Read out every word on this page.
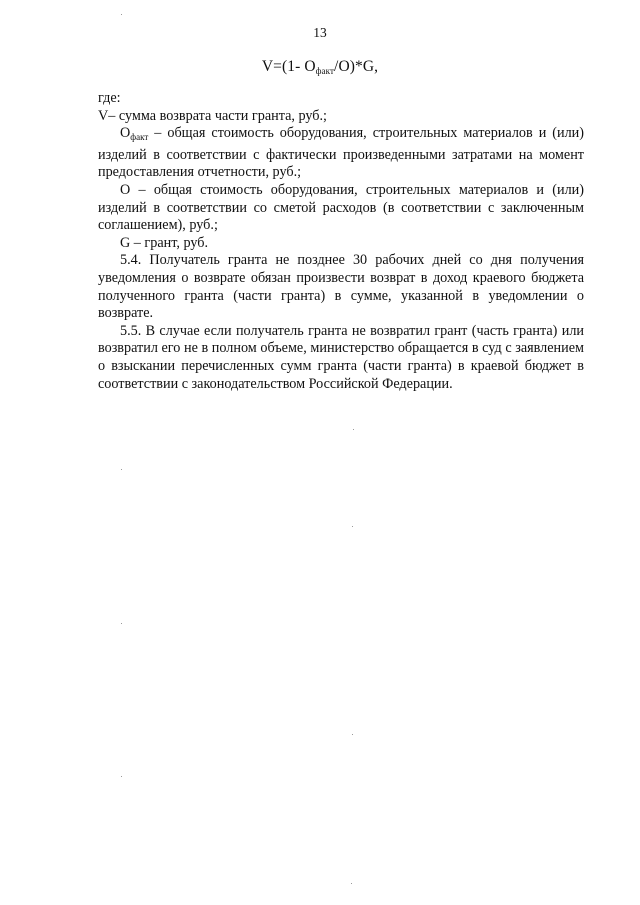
13
V=(1- $O_{факт}/O)*G$,

где:

V– сумма возврата части гранта, руб.;

$О_{факт}$ – общая стоимость оборудования, строительных материалов и (или) изделий в соответствии с фактически произведенными затратами на момент предоставления отчетности, руб.;

О – общая стоимость оборудования, строительных материалов и (или) изделий в соответствии со сметой расходов (в соответствии с заключенным соглашением), руб.;

G – грант, руб.

5.4. Получатель гранта не позднее 30 рабочих дней со дня получения уведомления о возврате обязан произвести возврат в доход краевого бюджета полученного гранта (части гранта) в сумме, указанной в уведомлении о возврате.

5.5. В случае если получатель гранта не возвратил грант (часть гранта) или возвратил его не в полном объеме, министерство обращается в суд с заявлением о взыскании перечисленных сумм гранта (части гранта) в краевой бюджет в соответствии с законодательством Российской Федерации.
